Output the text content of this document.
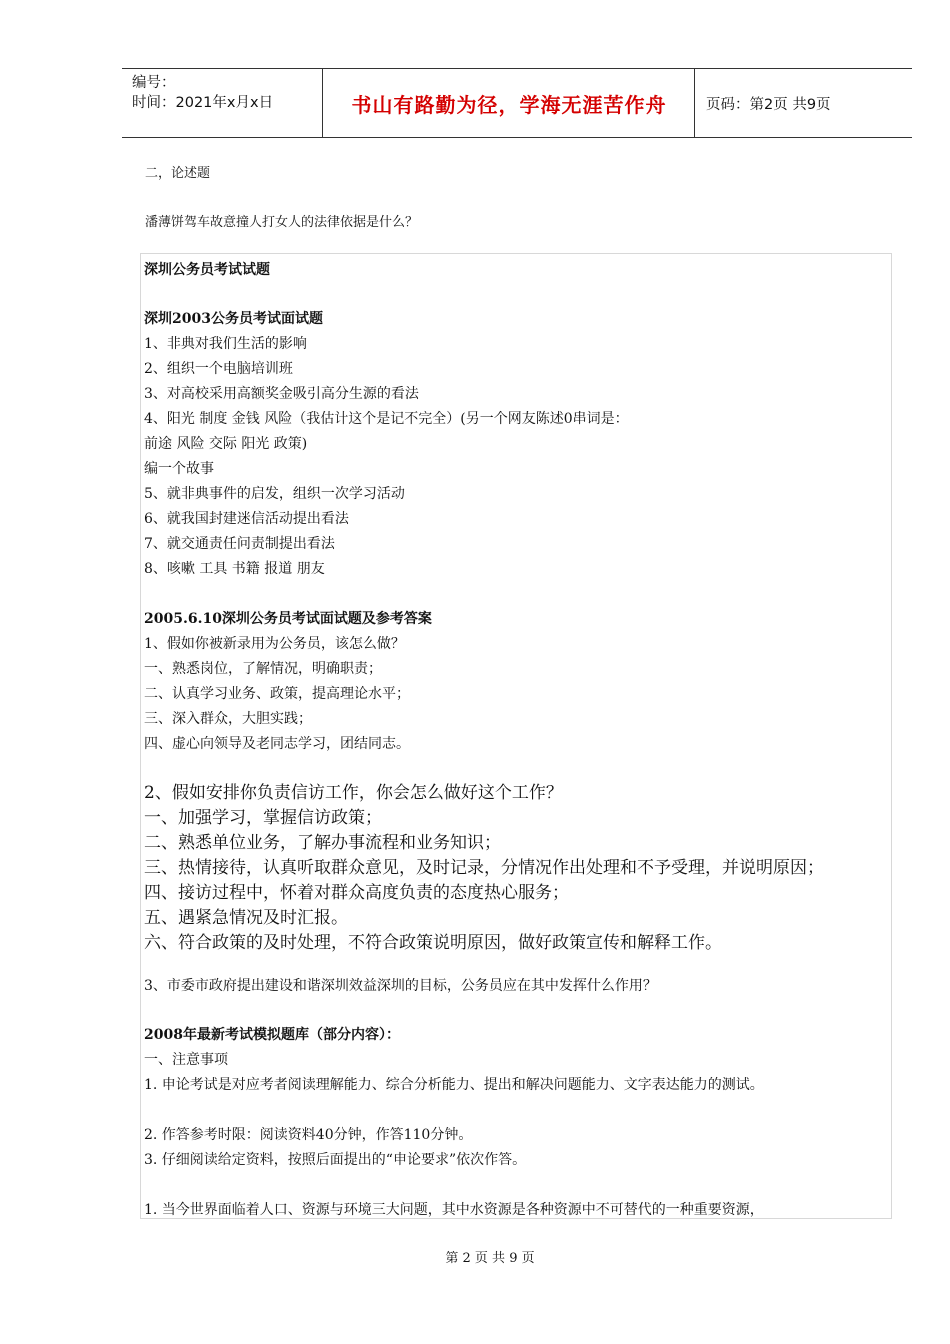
编号：
时间：2021年x月x日	书山有路勤为径，学海无涯苦作舟	页码：第2页 共9页
二，论述题
潘薄饼驾车故意撞人打女人的法律依据是什么？
深圳公务员考试试题
深圳2003公务员考试面试题
1、非典对我们生活的影响
2、组织一个电脑培训班
3、对高校采用高额奖金吸引高分生源的看法
4、阳光 制度 金钱 风险（我估计这个是记不完全）(另一个网友陈述0串词是：
前途 风险 交际 阳光 政策)
编一个故事
5、就非典事件的启发，组织一次学习活动
6、就我国封建迷信活动提出看法
7、就交通责任问责制提出看法
8、咳嗽 工具 书籍 报道 朋友
2005.6.10深圳公务员考试面试题及参考答案
1、假如你被新录用为公务员，该怎么做？
一、熟悉岗位，了解情况，明确职责；
二、认真学习业务、政策，提高理论水平；
三、深入群众，大胆实践；
四、虚心向领导及老同志学习，团结同志。
2、假如安排你负责信访工作，你会怎么做好这个工作？
一、加强学习，掌握信访政策；
二、熟悉单位业务，了解办事流程和业务知识；
三、热情接待，认真听取群众意见，及时记录，分情况作出处理和不予受理，并说明原因；
四、接访过程中，怀着对群众高度负责的态度热心服务；
五、遇紧急情况及时汇报。
六、符合政策的及时处理，不符合政策说明原因，做好政策宣传和解释工作。
3、市委市政府提出建设和谐深圳效益深圳的目标，公务员应在其中发挥什么作用？
2008年最新考试模拟题库（部分内容）：
一、注意事项
1. 申论考试是对应考者阅读理解能力、综合分析能力、提出和解决问题能力、文字表达能力的测试。
2. 作答参考时限：阅读资料40分钟，作答110分钟。
3. 仔细阅读给定资料，按照后面提出的“申论要求”依次作答。
1. 当今世界面临着人口、资源与环境三大问题，其中水资源是各种资源中不可替代的一种重要资源，
第 2 页 共 9 页
